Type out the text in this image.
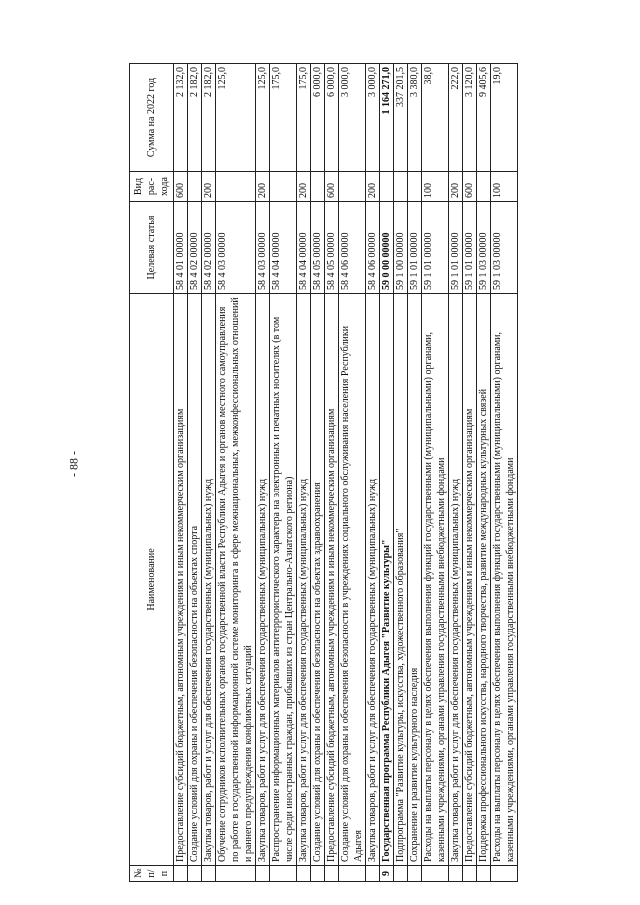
- 88 -
№ п/п	Наименование	Целевая статья	Вид рас-хода	Сумма на 2022 год
	Предоставление субсидий бюджетным, автономным учреждениям и иным некоммерческим организациям	58 4 01 00000	600	2 132,0
	Создание условий для охраны и обеспечения безопасности на объектах спорта	58 4 02 00000		2 182,0
	Закупка товаров, работ и услуг для обеспечения государственных (муниципальных) нужд	58 4 02 00000	200	2 182,0
	Обучение сотрудников исполнительных органов государственной власти Республики Адыгея и органов местного самоуправления по работе в государственной информационной системе мониторинга в сфере межнациональных, межконфессиональных отношений и раннего предупреждения конфликтных ситуаций	58 4 03 00000		125,0
	Закупка товаров, работ и услуг для обеспечения государственных (муниципальных) нужд	58 4 03 00000	200	125,0
	Распространение информационных материалов антитеррористического характера на электронных и печатных носителях (в том числе среди иностранных граждан, прибывших из стран Центрально-Азиатского региона)	58 4 04 00000		175,0
	Закупка товаров, работ и услуг для обеспечения государственных (муниципальных) нужд	58 4 04 00000	200	175,0
	Создание условий для охраны и обеспечения безопасности на объектах здравоохранения	58 4 05 00000		6 000,0
	Предоставление субсидий бюджетным, автономным учреждениям и иным некоммерческим организациям	58 4 05 00000	600	6 000,0
	Создание условий для охраны и обеспечения безопасности в учреждениях социального обслуживания населения Республики Адыгея	58 4 06 00000		3 000,0
	Закупка товаров, работ и услуг для обеспечения государственных (муниципальных) нужд	58 4 06 00000	200	3 000,0
9	Государственная программа Республики Адыгея "Развитие культуры"	59 0 00 00000		1 164 271,0
	Подпрограмма "Развитие культуры, искусства, художественного образования"	59 1 00 00000		337 201,5
	Сохранение и развитие культурного наследия	59 1 01 00000		3 380,0
	Расходы на выплаты персоналу в целях обеспечения выполнения функций государственными (муниципальными) органами, казенными учреждениями, органами управления государственными внебюджетными фондами	59 1 01 00000	100	38,0
	Закупка товаров, работ и услуг для обеспечения государственных (муниципальных) нужд	59 1 01 00000	200	222,0
	Предоставление субсидий бюджетным, автономным учреждениям и иным некоммерческим организациям	59 1 01 00000	600	3 120,0
	Поддержка профессионального искусства, народного творчества, развитие международных культурных связей	59 1 03 00000		9 405,6
	Расходы на выплаты персоналу в целях обеспечения выполнения функций государственными (муниципальными) органами, казенными учреждениями, органами управления государственными внебюджетными фондами	59 1 03 00000	100	19,0
